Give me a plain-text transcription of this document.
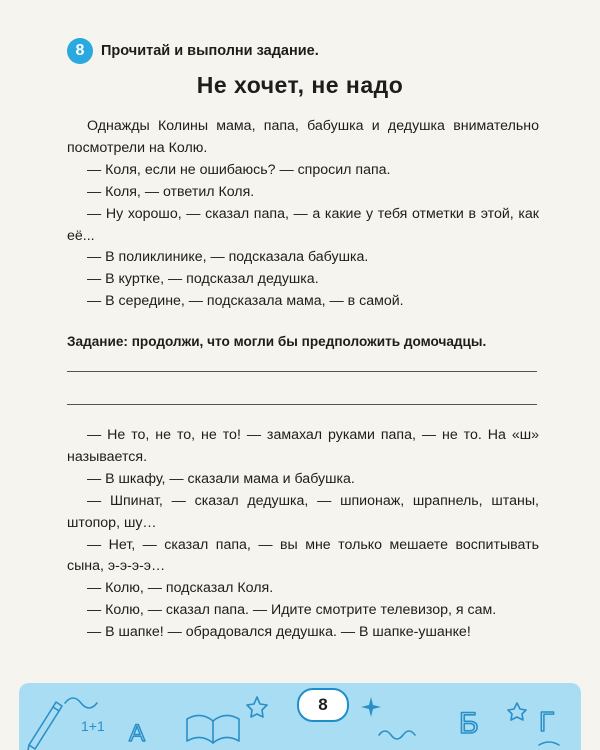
8	Прочитай и выполни задание.
Не хочет, не надо

Однажды Колины мама, папа, бабушка и дедушка внимательно посмотрели на Колю.

— Коля, если не ошибаюсь? — спросил папа.

— Коля, — ответил Коля.

— Ну хорошо, — сказал папа, — а какие у тебя отметки в этой, как её...

— В поликлинике, — подсказала бабушка.

— В куртке, — подсказал дедушка.

— В середине, — подсказала мама, — в самой.

Задание: продолжи, что могли бы предположить домочадцы.

— Не то, не то, не то! — замахал руками папа, — не то. На «ш» называется.

— В шкафу, — сказали мама и бабушка.

— Шпинат, — сказал дедушка, — шпионаж, шрапнель, штаны, штопор, шу…

— Нет, — сказал папа, — вы мне только мешаете воспитывать сына, э-э-э-э…

— Колю, — подсказал Коля.

— Колю, — сказал папа. — Идите смотрите телевизор, я сам.

— В шапке! — обрадовался дедушка. — В шапке-ушанке!

1+1 А	Б Г
8
